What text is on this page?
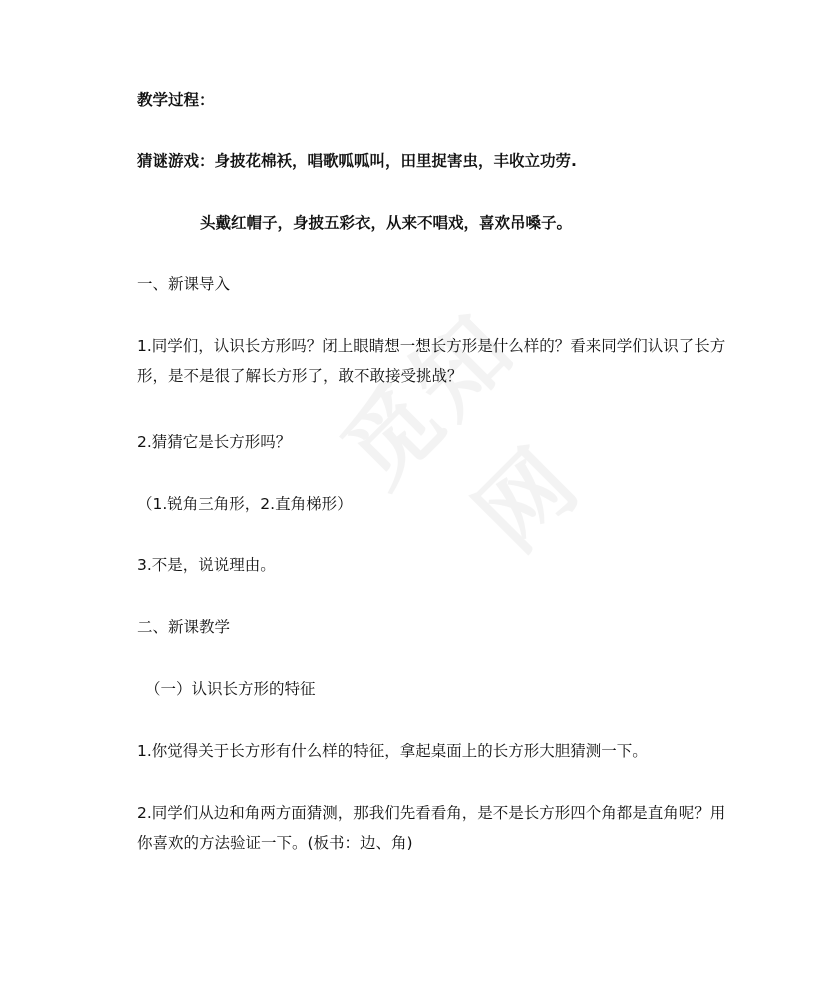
教学过程：

猜谜游戏：身披花棉袄，唱歌呱呱叫，田里捉害虫，丰收立功劳.

头戴红帽子，身披五彩衣，从来不唱戏，喜欢吊嗓子。

一、新课导入

1.同学们，认识长方形吗？闭上眼睛想一想长方形是什么样的？看来同学们认识了长方形，是不是很了解长方形了，敢不敢接受挑战？

2.猜猜它是长方形吗？

（1.锐角三角形，2.直角梯形）

3.不是，说说理由。

二、新课教学

（一）认识长方形的特征

1.你觉得关于长方形有什么样的特征，拿起桌面上的长方形大胆猜测一下。

2.同学们从边和角两方面猜测，那我们先看看角，是不是长方形四个角都是直角呢？用你喜欢的方法验证一下。(板书：边、角)
